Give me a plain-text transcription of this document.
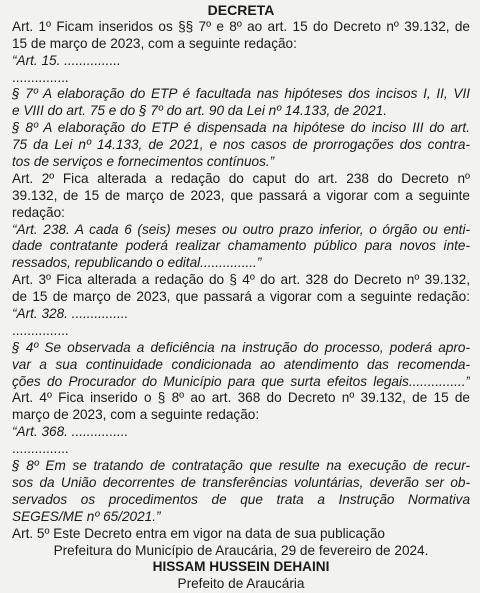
DECRETA
Art. 1º Ficam inseridos os §§ 7º e 8º ao art. 15 do Decreto nº 39.132, de
15 de março de 2023, com a seguinte redação:
“Art. 15. ...............
...............
§ 7º A elaboração do ETP é facultada nas hipóteses dos incisos I, II, VII
e VIII do art. 75 e do § 7º do art. 90 da Lei nº 14.133, de 2021.
§ 8º A elaboração do ETP é dispensada na hipótese do inciso III do art.
75 da Lei nº 14.133, de 2021, e nos casos de prorrogações dos contra-
tos de serviços e fornecimentos contínuos.”
Art. 2º Fica alterada a redação do caput do art. 238 do Decreto nº
39.132, de 15 de março de 2023, que passará a vigorar com a seguinte
redação:
“Art. 238. A cada 6 (seis) meses ou outro prazo inferior, o órgão ou enti-
dade contratante poderá realizar chamamento público para novos inte-
ressados, republicando o edital...............”
Art. 3º Fica alterada a redação do § 4º do art. 328 do Decreto nº 39.132,
de 15 de março de 2023, que passará a vigorar com a seguinte redação:
“Art. 328. ...............
...............
§ 4º Se observada a deficiência na instrução do processo, poderá apro-
var a sua continuidade condicionada ao atendimento das recomenda-
ções do Procurador do Município para que surta efeitos legais...............”
Art. 4º Fica inserido o § 8º ao art. 368 do Decreto nº 39.132, de 15 de
março de 2023, com a seguinte redação:
“Art. 368. ...............
...............
§ 8º Em se tratando de contratação que resulte na execução de recur-
sos da União decorrentes de transferências voluntárias, deverão ser ob-
servados os procedimentos de que trata a Instrução Normativa
SEGES/ME nº 65/2021.”
Art. 5º Este Decreto entra em vigor na data de sua publicação
Prefeitura do Município de Araucária, 29 de fevereiro de 2024.
HISSAM HUSSEIN DEHAINI
Prefeito de Araucária
